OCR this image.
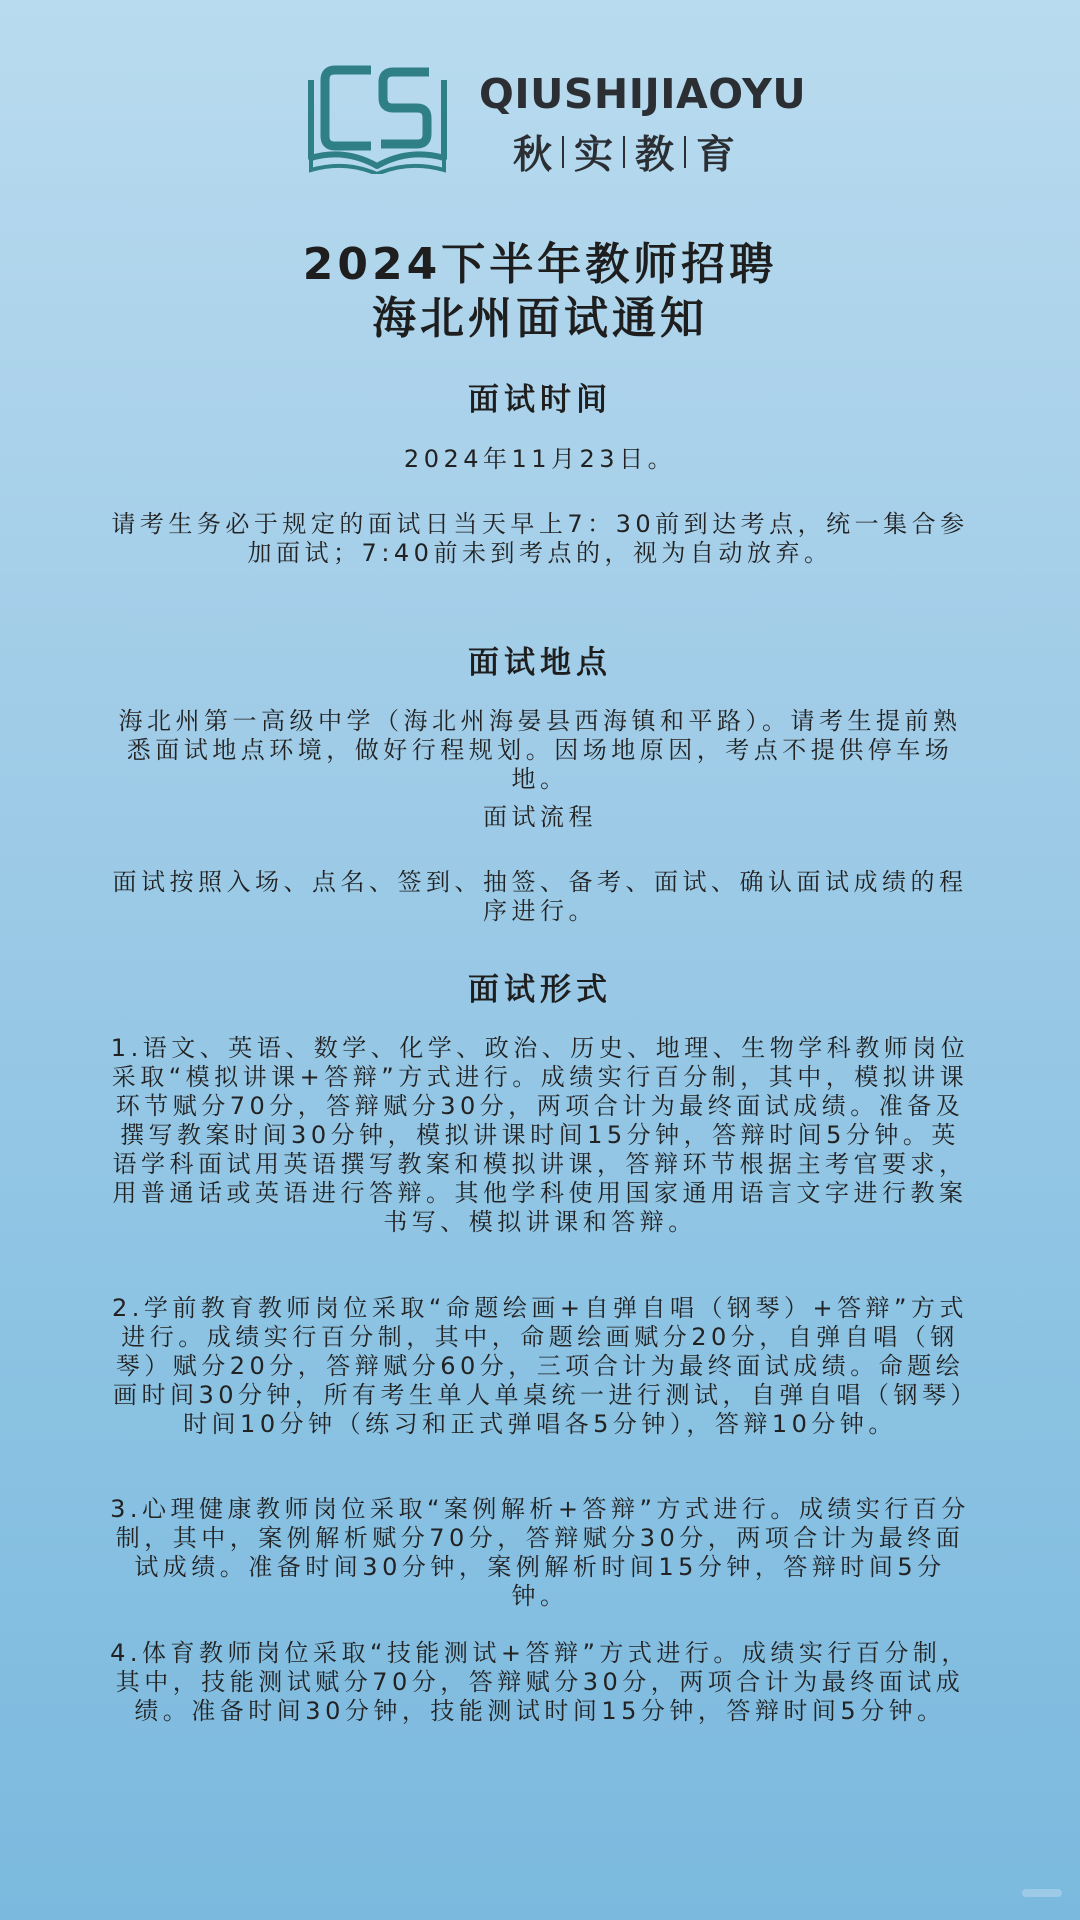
QIUSHIJIAOYU
秋 实 教 育
2024下半年教师招聘
海北州面试通知
面试时间
2024年11月23日。
请考生务必于规定的面试日当天早上7：30前到达考点，统一集合参加面试；7:40前未到考点的，视为自动放弃。
面试地点
海北州第一高级中学（海北州海晏县西海镇和平路）。请考生提前熟悉面试地点环境，做好行程规划。因场地原因，考点不提供停车场地。
面试流程
面试按照入场、点名、签到、抽签、备考、面试、确认面试成绩的程序进行。
面试形式
1.语文、英语、数学、化学、政治、历史、地理、生物学科教师岗位采取“模拟讲课+答辩”方式进行。成绩实行百分制，其中，模拟讲课环节赋分70分，答辩赋分30分，两项合计为最终面试成绩。准备及撰写教案时间30分钟，模拟讲课时间15分钟，答辩时间5分钟。英语学科面试用英语撰写教案和模拟讲课，答辩环节根据主考官要求，用普通话或英语进行答辩。其他学科使用国家通用语言文字进行教案书写、模拟讲课和答辩。
2.学前教育教师岗位采取“命题绘画+自弹自唱（钢琴）+答辩”方式进行。成绩实行百分制，其中，命题绘画赋分20分，自弹自唱（钢琴）赋分20分，答辩赋分60分，三项合计为最终面试成绩。命题绘画时间30分钟，所有考生单人单桌统一进行测试，自弹自唱（钢琴）时间10分钟（练习和正式弹唱各5分钟），答辩10分钟。
3.心理健康教师岗位采取“案例解析+答辩”方式进行。成绩实行百分制，其中，案例解析赋分70分，答辩赋分30分，两项合计为最终面试成绩。准备时间30分钟，案例解析时间15分钟，答辩时间5分钟。
4.体育教师岗位采取“技能测试+答辩”方式进行。成绩实行百分制，其中，技能测试赋分70分，答辩赋分30分，两项合计为最终面试成绩。准备时间30分钟，技能测试时间15分钟，答辩时间5分钟。
